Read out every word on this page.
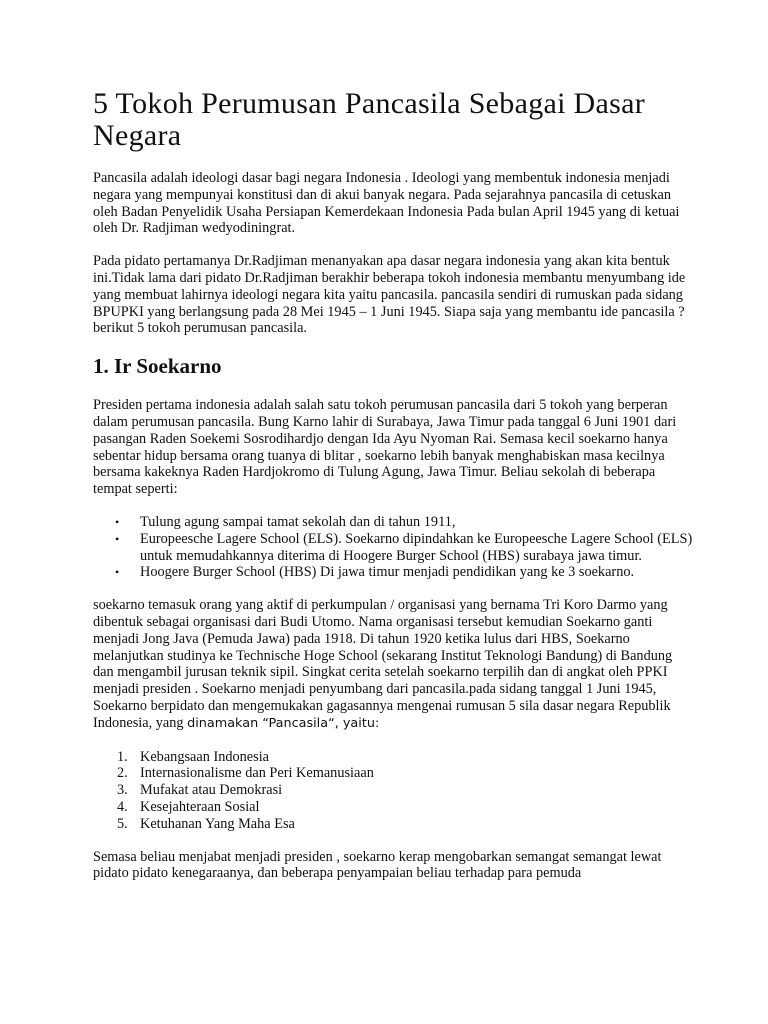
5 Tokoh Perumusan Pancasila Sebagai Dasar Negara

Pancasila adalah ideologi dasar bagi negara Indonesia . Ideologi yang membentuk indonesia menjadi negara yang mempunyai konstitusi dan di akui banyak negara. Pada sejarahnya pancasila di cetuskan oleh Badan Penyelidik Usaha Persiapan Kemerdekaan Indonesia Pada bulan April 1945 yang di ketuai oleh Dr. Radjiman wedyodiningrat.

Pada pidato pertamanya Dr.Radjiman menanyakan apa dasar negara indonesia yang akan kita bentuk ini.Tidak lama dari pidato Dr.Radjiman berakhir beberapa tokoh indonesia membantu menyumbang ide yang membuat lahirnya ideologi negara kita yaitu pancasila. pancasila sendiri di rumuskan pada sidang BPUPKI yang berlangsung pada 28 Mei 1945 – 1 Juni 1945. Siapa saja yang membantu ide pancasila ? berikut 5 tokoh perumusan pancasila.

1. Ir Soekarno

Presiden pertama indonesia adalah salah satu tokoh perumusan pancasila dari 5 tokoh yang berperan dalam perumusan pancasila. Bung Karno lahir di Surabaya, Jawa Timur pada tanggal 6 Juni 1901 dari pasangan Raden Soekemi Sosrodihardjo dengan Ida Ayu Nyoman Rai. Semasa kecil soekarno hanya sebentar hidup bersama orang tuanya di blitar , soekarno lebih banyak menghabiskan masa kecilnya bersama kakeknya Raden Hardjokromo di Tulung Agung, Jawa Timur. Beliau sekolah di beberapa tempat seperti:

• Tulung agung sampai tamat sekolah dan di tahun 1911,
• Europeesche Lagere School (ELS). Soekarno dipindahkan ke Europeesche Lagere School (ELS) untuk memudahkannya diterima di Hoogere Burger School (HBS) surabaya jawa timur.
• Hoogere Burger School (HBS) Di jawa timur menjadi pendidikan yang ke 3 soekarno.

soekarno temasuk orang yang aktif di perkumpulan / organisasi yang bernama Tri Koro Darmo yang dibentuk sebagai organisasi dari Budi Utomo. Nama organisasi tersebut kemudian Soekarno ganti menjadi Jong Java (Pemuda Jawa) pada 1918. Di tahun 1920 ketika lulus dari HBS, Soekarno melanjutkan studinya ke Technische Hoge School (sekarang Institut Teknologi Bandung) di Bandung dan mengambil jurusan teknik sipil. Singkat cerita setelah soekarno terpilih dan di angkat oleh PPKI menjadi presiden . Soekarno menjadi penyumbang dari pancasila.pada sidang tanggal 1 Juni 1945, Soekarno berpidato dan mengemukakan gagasannya mengenai rumusan 5 sila dasar negara Republik Indonesia, yang dinamakan “Pancasila“, yaitu:

1. Kebangsaan Indonesia
2. Internasionalisme dan Peri Kemanusiaan
3. Mufakat atau Demokrasi
4. Kesejahteraan Sosial
5. Ketuhanan Yang Maha Esa

Semasa beliau menjabat menjadi presiden , soekarno kerap mengobarkan semangat semangat lewat pidato pidato kenegaraanya, dan beberapa penyampaian beliau terhadap para pemuda
